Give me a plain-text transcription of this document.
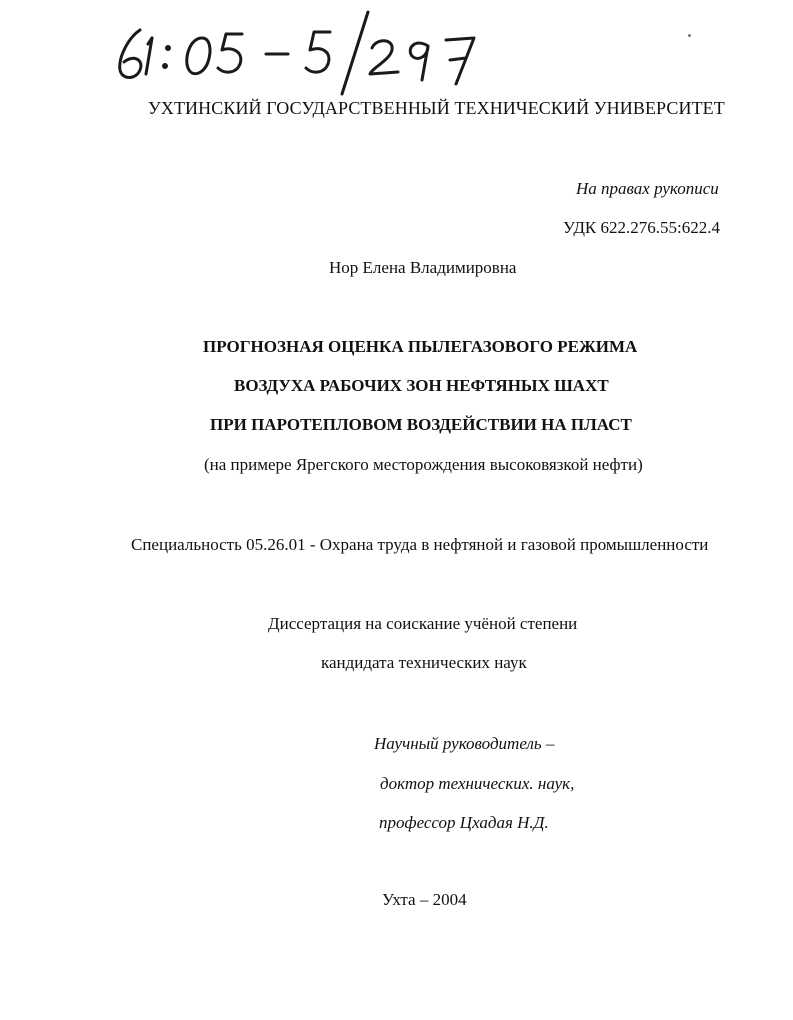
УХТИНСКИЙ ГОСУДАРСТВЕННЫЙ ТЕХНИЧЕСКИЙ УНИВЕРСИТЕТ
На правах рукописи
УДК 622.276.55:622.4
Нор Елена Владимировна
ПРОГНОЗНАЯ ОЦЕНКА ПЫЛЕГАЗОВОГО РЕЖИМА
ВОЗДУХА РАБОЧИХ ЗОН НЕФТЯНЫХ ШАХТ
ПРИ ПАРОТЕПЛОВОМ ВОЗДЕЙСТВИИ НА ПЛАСТ
(на примере Ярегского месторождения высоковязкой нефти)
Специальность 05.26.01 - Охрана труда в нефтяной и газовой промышленности
Диссертация на соискание учёной степени
кандидата технических наук
Научный руководитель –
доктор технических. наук,
профессор Цхадая Н.Д.
Ухта – 2004
